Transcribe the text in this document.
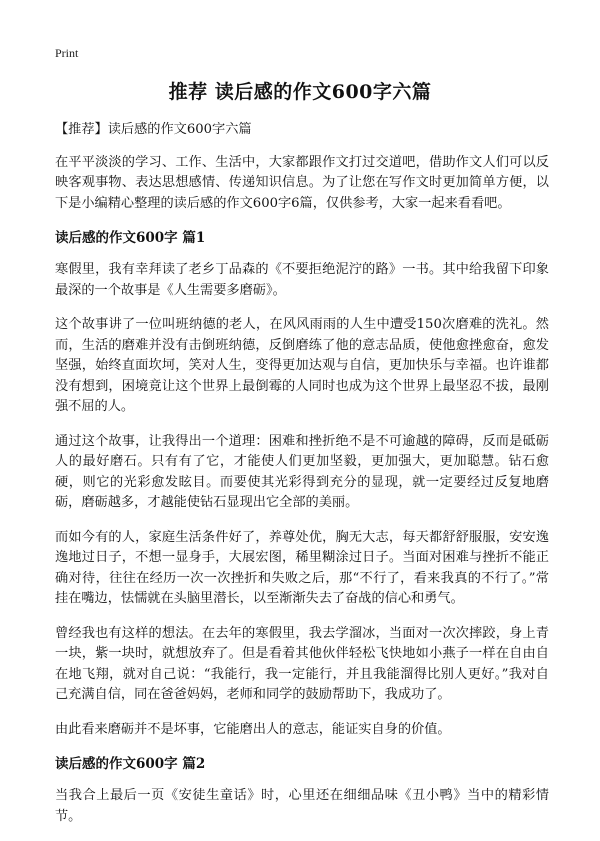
Print
推荐 读后感的作文600字六篇

【推荐】读后感的作文600字六篇

在平平淡淡的学习、工作、生活中，大家都跟作文打过交道吧，借助作文人们可以反映客观事物、表达思想感情、传递知识信息。为了让您在写作文时更加简单方便，以下是小编精心整理的读后感的作文600字6篇，仅供参考，大家一起来看看吧。

读后感的作文600字 篇1

寒假里，我有幸拜读了老乡丁品森的《不要拒绝泥泞的路》一书。其中给我留下印象最深的一个故事是《人生需要多磨砺》。

这个故事讲了一位叫班纳德的老人，在风风雨雨的人生中遭受150次磨难的洗礼。然而，生活的磨难并没有击倒班纳德，反倒磨练了他的意志品质，使他愈挫愈奋，愈发坚强，始终直面坎坷，笑对人生，变得更加达观与自信，更加快乐与幸福。也许谁都没有想到，困境竟让这个世界上最倒霉的人同时也成为这个世界上最坚忍不拔，最刚强不屈的人。

通过这个故事，让我得出一个道理：困难和挫折绝不是不可逾越的障碍，反而是砥砺人的最好磨石。只有有了它，才能使人们更加坚毅，更加强大，更加聪慧。钻石愈硬，则它的光彩愈发眩目。而要使其光彩得到充分的显现，就一定要经过反复地磨砺，磨砺越多，才越能使钻石显现出它全部的美丽。

而如今有的人，家庭生活条件好了，养尊处优，胸无大志，每天都舒舒服服，安安逸逸地过日子，不想一显身手，大展宏图，稀里糊涂过日子。当面对困难与挫折不能正确对待，往往在经历一次一次挫折和失败之后，那“不行了，看来我真的不行了。”常挂在嘴边，怯懦就在头脑里潜长，以至渐渐失去了奋战的信心和勇气。

曾经我也有这样的想法。在去年的寒假里，我去学溜冰，当面对一次次摔跤，身上青一块，紫一块时，就想放弃了。但是看着其他伙伴轻松飞快地如小燕子一样在自由自在地飞翔，就对自己说：“我能行，我一定能行，并且我能溜得比别人更好。”我对自己充满自信，同在爸爸妈妈，老师和同学的鼓励帮助下，我成功了。

由此看来磨砺并不是坏事，它能磨出人的意志，能证实自身的价值。

读后感的作文600字 篇2

当我合上最后一页《安徒生童话》时，心里还在细细品味《丑小鸭》当中的精彩情节。
